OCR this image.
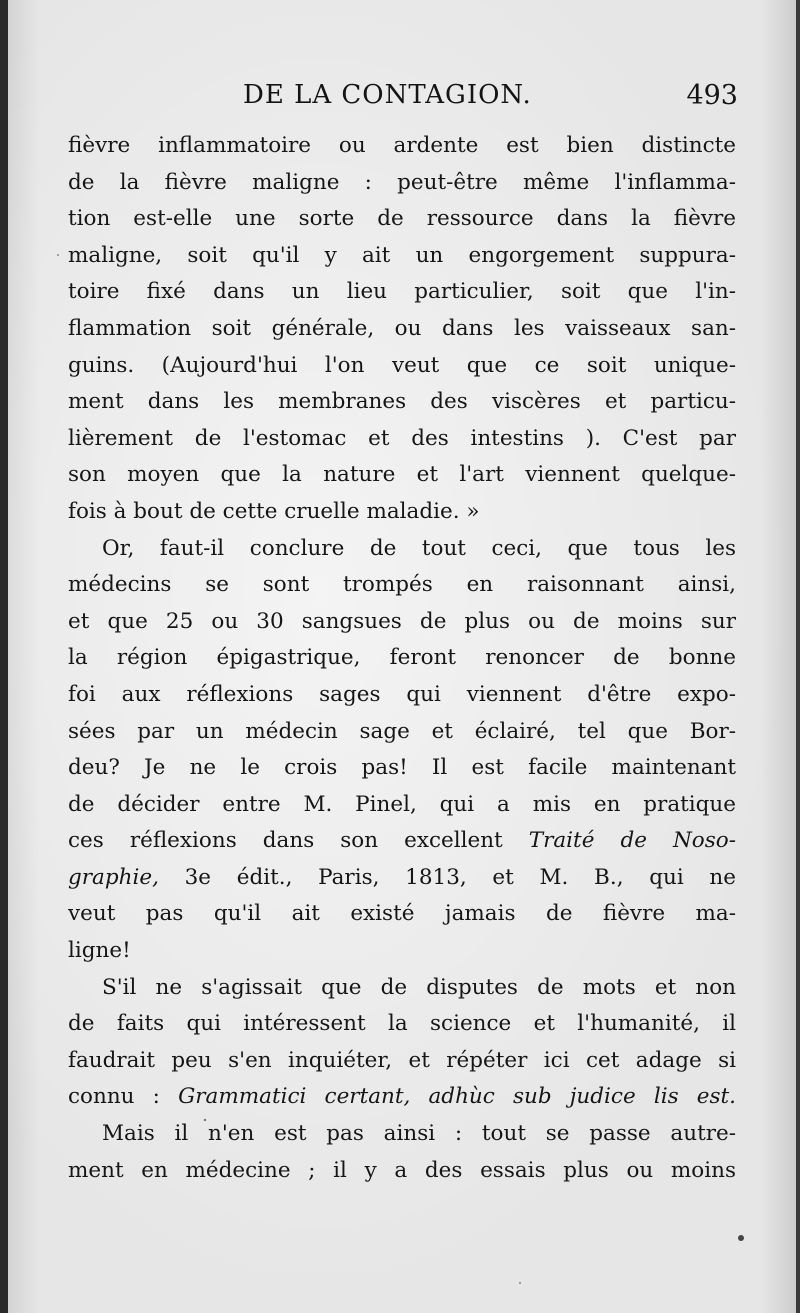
DE LA CONTAGION.	493
fièvre inflammatoire ou ardente est bien distincte
de la fièvre maligne : peut-être même l'inflamma-
tion est-elle une sorte de ressource dans la fièvre
maligne, soit qu'il y ait un engorgement suppura-
toire fixé dans un lieu particulier, soit que l'in-
flammation soit générale, ou dans les vaisseaux san-
guins. (Aujourd'hui l'on veut que ce soit unique-
ment dans les membranes des viscères et particu-
lièrement de l'estomac et des intestins ). C'est par
son moyen que la nature et l'art viennent quelque-
fois à bout de cette cruelle maladie. »
Or, faut-il conclure de tout ceci, que tous les
médecins se sont trompés en raisonnant ainsi,
et que 25 ou 30 sangsues de plus ou de moins sur
la région épigastrique, feront renoncer de bonne
foi aux réflexions sages qui viennent d'être expo-
sées par un médecin sage et éclairé, tel que Bor-
deu? Je ne le crois pas! Il est facile maintenant
de décider entre M. Pinel, qui a mis en pratique
ces réflexions dans son excellent Traité de Noso-
graphie, 3e édit., Paris, 1813, et M. B., qui ne
veut pas qu'il ait existé jamais de fièvre ma-
ligne!
S'il ne s'agissait que de disputes de mots et non
de faits qui intéressent la science et l'humanité, il
faudrait peu s'en inquiéter, et répéter ici cet adage si
connu : Grammatici certant, adhùc sub judice lis est.
Mais il n'en est pas ainsi : tout se passe autre-
ment en médecine ; il y a des essais plus ou moins
